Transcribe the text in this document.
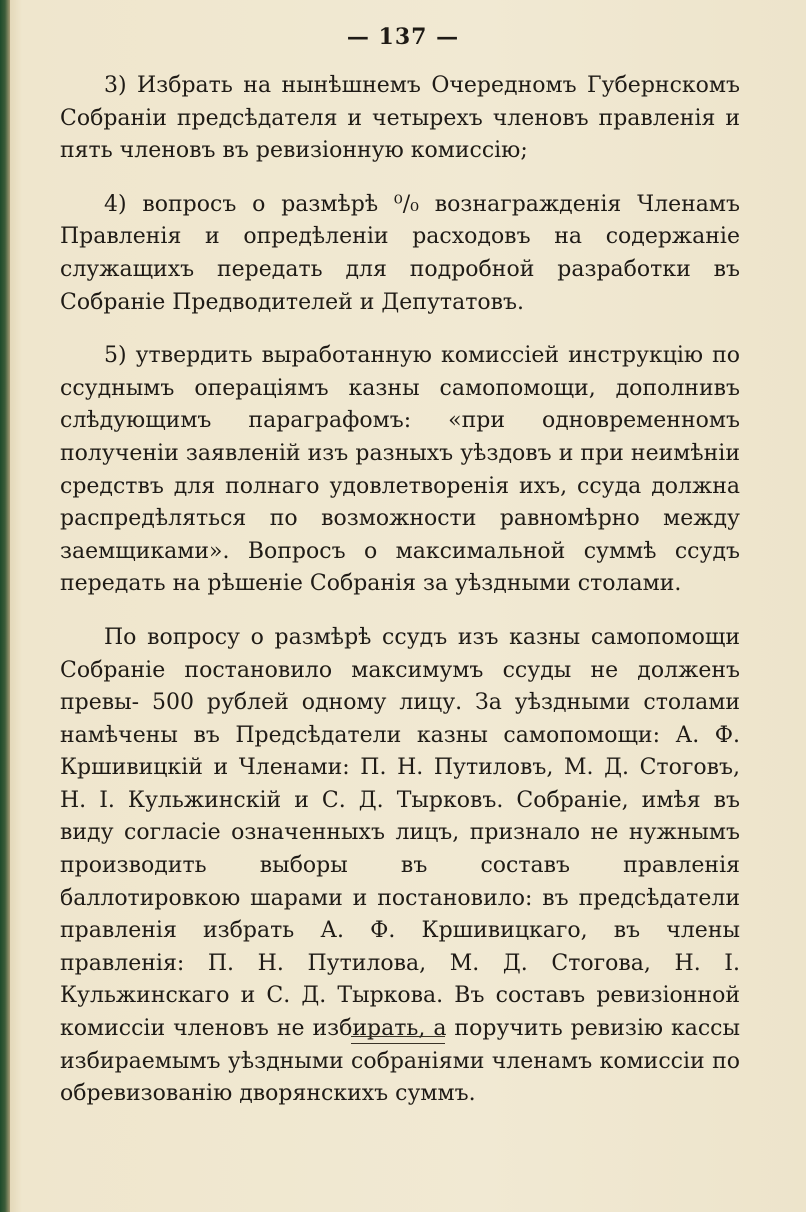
— 137 —

3) Избрать на нынѣшнемъ Очередномъ Губернскомъ Собраніи предсѣдателя и четырехъ членовъ правленія и пять членовъ въ ревизіонную комиссію;

4) вопросъ о размѣрѣ ⁰/₀ вознагражденія Членамъ Правленія и опредѣленіи расходовъ на содержаніе служащихъ передать для подробной разработки въ Собраніе Предводителей и Депутатовъ.

5) утвердить выработанную комиссіей инструкцію по ссуднымъ операціямъ казны самопомощи, дополнивъ слѣдующимъ параграфомъ: «при одновременномъ полученіи заявленій изъ разныхъ уѣздовъ и при неимѣніи средствъ для полнаго удовлетворенія ихъ, ссуда должна распредѣляться по возможности равномѣрно между заемщиками». Вопросъ о максимальной суммѣ ссудъ передать на рѣшеніе Собранія за уѣздными столами.

По вопросу о размѣрѣ ссудъ изъ казны самопомощи Собраніе постановило максимумъ ссуды не долженъ превы- 500 рублей одному лицу. За уѣздными столами намѣчены въ Предсѣдатели казны самопомощи: А. Ф. Кршивицкій и Членами: П. Н. Путиловъ, М. Д. Стоговъ, Н. І. Кульжинскій и С. Д. Тырковъ. Собраніе, имѣя въ виду согласіе означенныхъ лицъ, признало не нужнымъ производить выборы въ составъ правленія баллотировкою шарами и постановило: въ предсѣдатели правленія избрать А. Ф. Кршивицкаго, въ члены правленія: П. Н. Путилова, М. Д. Стогова, Н. І. Кульжинскаго и С. Д. Тыркова. Въ составъ ревизіонной комиссіи членовъ не избирать, а поручить ревизію кассы избираемымъ уѣздными собраніями членамъ комиссіи по обревизованію дворянскихъ суммъ.
